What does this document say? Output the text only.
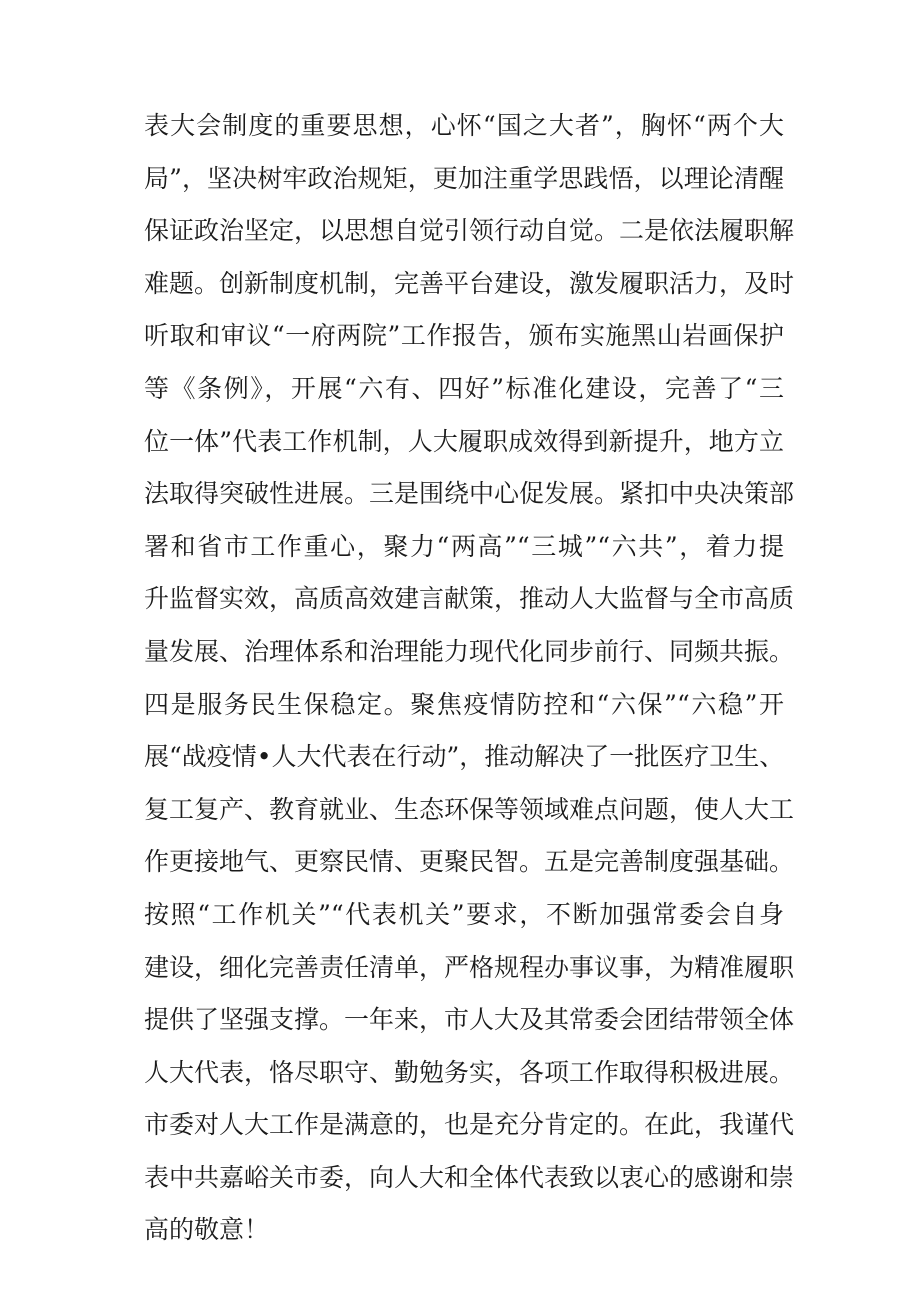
表大会制度的重要思想，心怀“国之大者”，胸怀“两个大
局”，坚决树牢政治规矩，更加注重学思践悟，以理论清醒
保证政治坚定，以思想自觉引领行动自觉。二是依法履职解
难题。创新制度机制，完善平台建设，激发履职活力，及时
听取和审议“一府两院”工作报告，颁布实施黑山岩画保护
等《条例》，开展“六有、四好”标准化建设，完善了“三
位一体”代表工作机制，人大履职成效得到新提升，地方立
法取得突破性进展。三是围绕中心促发展。紧扣中央决策部
署和省市工作重心，聚力“两高”“三城”“六共”，着力提
升监督实效，高质高效建言献策，推动人大监督与全市高质
量发展、治理体系和治理能力现代化同步前行、同频共振。
四是服务民生保稳定。聚焦疫情防控和“六保”“六稳”开
展“战疫情•人大代表在行动”，推动解决了一批医疗卫生、
复工复产、教育就业、生态环保等领域难点问题，使人大工
作更接地气、更察民情、更聚民智。五是完善制度强基础。
按照“工作机关”“代表机关”要求，不断加强常委会自身
建设，细化完善责任清单，严格规程办事议事，为精准履职
提供了坚强支撑。一年来，市人大及其常委会团结带领全体
人大代表，恪尽职守、勤勉务实，各项工作取得积极进展。
市委对人大工作是满意的，也是充分肯定的。在此，我谨代
表中共嘉峪关市委，向人大和全体代表致以衷心的感谢和崇
高的敬意！
